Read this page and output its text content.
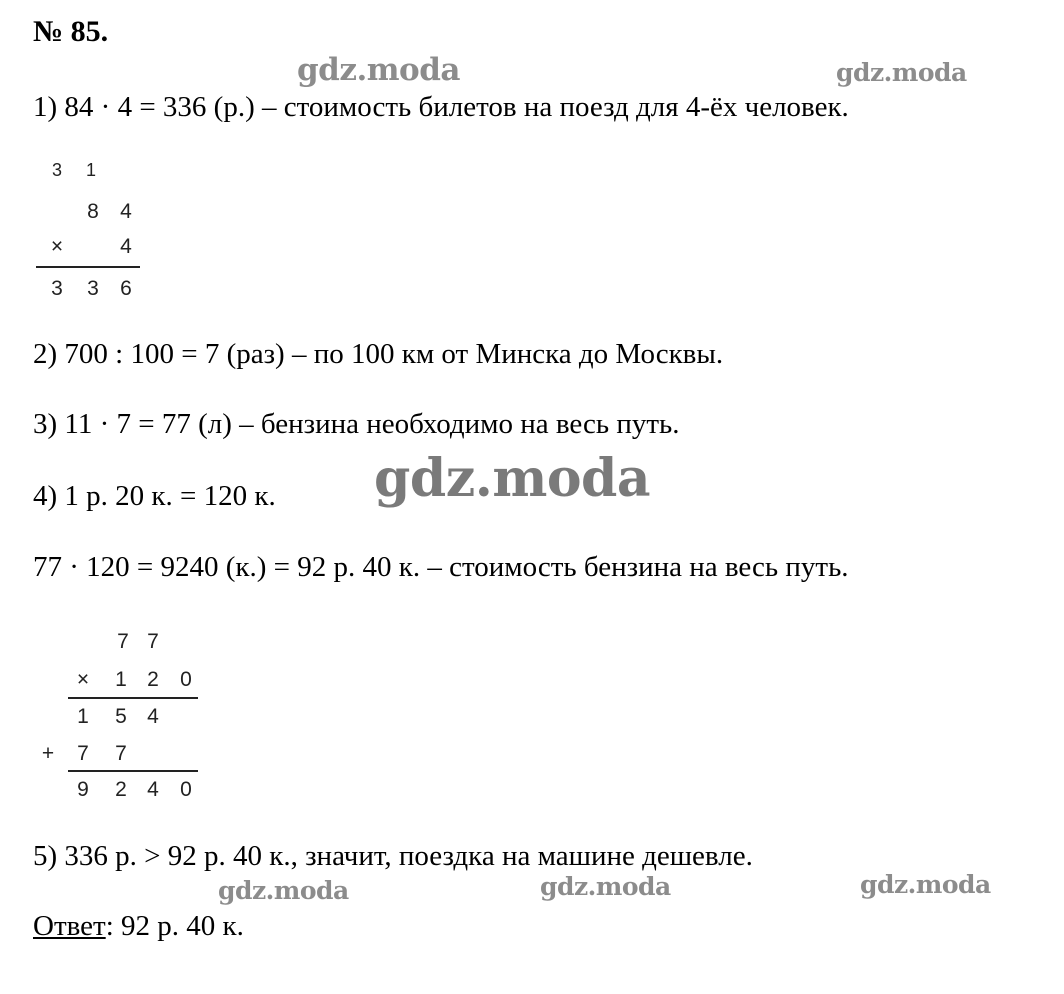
№ 85.
gdz.moda	gdz.moda
1) 84 · 4 = 336 (р.) – стоимость билетов на поезд для 4-ёх человек.
3	1
8 4
×	4
3 3 6
2) 700 : 100 = 7 (раз) – по 100 км от Минска до Москвы.
3) 11 · 7 = 77 (л) – бензина необходимо на весь путь.
gdz.moda
4) 1 р. 20 к. = 120 к.
77 · 120 = 9240 (к.) = 92 р. 40 к. – стоимость бензина на весь путь.
7 7
× 1 2 0
1 5 4
+ 7 7
9 2 4 0
5) 336 р. > 92 р. 40 к., значит, поездка на машине дешевле.
gdz.moda	gdz.moda	gdz.moda
Ответ: 92 р. 40 к.
